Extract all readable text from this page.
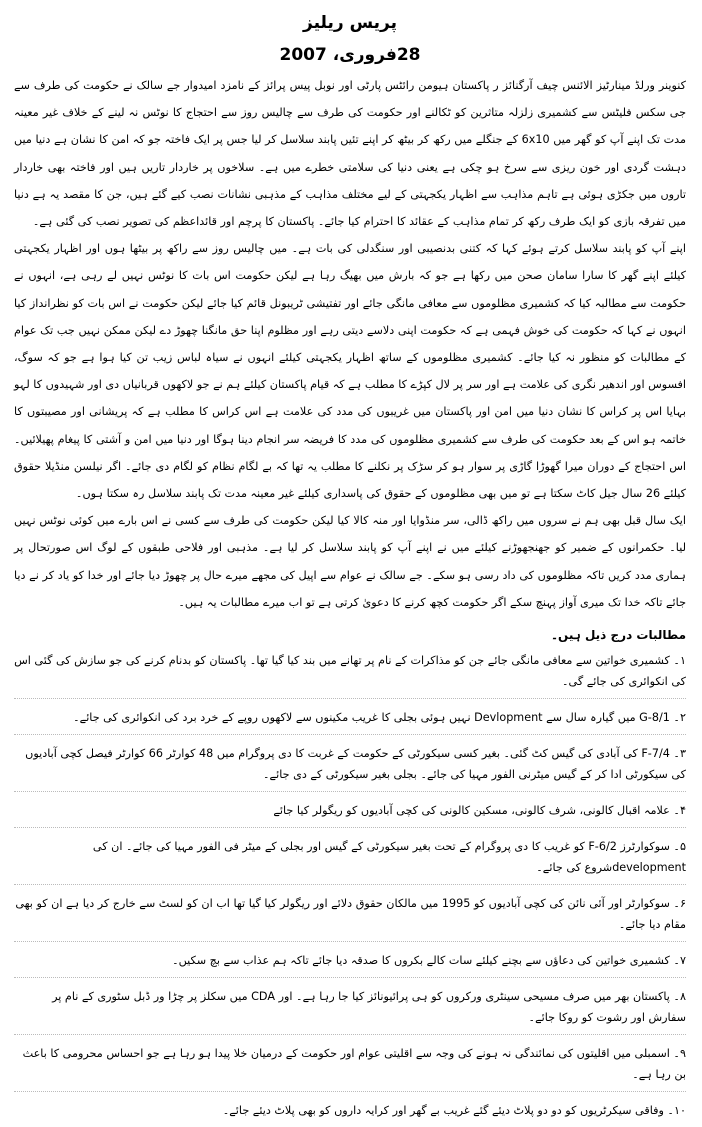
پریس ریلیز
28فروری، 2007

کنوینر ورلڈ مینارٹیز الائنس چیف آرگنائز ر پاکستان ہیومن رائٹس پارٹی اور نوبل پیس پرائز کے نامزد امیدوار جے سالک نے حکومت کی طرف سے جی سکس فلیٹس سے کشمیری زلزلہ متاثرین کو ٹکالنے اور حکومت کی طرف سے چالیس روز سے احتجاج کا نوٹس نہ لینے کے خلاف غیر معینہ مدت تک اپنے آپ کو گھر میں 6x10 کے جنگلے میں رکھ کر بیٹھ کر اپنے تئیں پابند سلاسل کر لیا جس پر ایک فاختہ جو کہ امن کا نشان ہے دنیا میں دہشت گردی اور خون ریزی سے سرخ ہو چکی ہے یعنی دنیا کی سلامتی خطرے میں ہے۔ سلاخوں پر خاردار تاریں ہیں اور فاختہ بھی خاردار تاروں میں جکڑی ہوئی ہے تاہم مذاہب سے اظہار یکجہتی کے لیے مختلف مذاہب کے مذہبی نشانات نصب کیے گئے ہیں، جن کا مقصد یہ ہے دنیا میں تفرقہ بازی کو ایک طرف رکھ کر تمام مذاہب کے عقائد کا احترام کیا جائے۔ پاکستان کا پرچم اور قائداعظم کی تصویر نصب کی گئی ہے۔

اپنے آپ کو پابند سلاسل کرتے ہوئے کہا کہ کتنی بدنصیبی اور سنگدلی کی بات ہے۔ میں چالیس روز سے راکھ پر بیٹھا ہوں اور اظہار یکجہتی کیلئے اپنے گھر کا سارا سامان صحن میں رکھا ہے جو کہ بارش میں بھیگ رہا ہے لیکن حکومت اس بات کا نوٹس نہیں لے رہی ہے، انہوں نے حکومت سے مطالبہ کیا کہ کشمیری مظلوموں سے معافی مانگی جائے اور تفتیشی ٹریبونل قائم کیا جائے لیکن حکومت نے اس بات کو نظرانداز کیا انہوں نے کہا کہ حکومت کی خوش فہمی ہے کہ حکومت اپنی دلاسے دیتی رہے اور مظلوم اپنا حق مانگنا چھوڑ دے لیکن ممکن نہیں جب تک عوام کے مطالبات کو منظور نہ کیا جائے۔ کشمیری مظلوموں کے ساتھ اظہار یکجہتی کیلئے انہوں نے سیاہ لباس زیب تن کیا ہوا ہے جو کہ سوگ، افسوس اور اندھیر نگری کی علامت ہے اور سر پر لال کپڑے کا مطلب ہے کہ قیام پاکستان کیلئے ہم نے جو لاکھوں قربانیاں دی اور شہیدوں کا لہو بہایا اس پر کراس کا نشان دنیا میں امن اور پاکستان میں غریبوں کی مدد کی علامت ہے اس کراس کا مطلب ہے کہ پریشانی اور مصیبتوں کا خاتمہ ہو اس کے بعد حکومت کی طرف سے کشمیری مظلوموں کی مدد کا فریضہ سر انجام دینا ہوگا اور دنیا میں امن و آشتی کا پیغام پھیلائیں۔ اس احتجاج کے دوران میرا گھوڑا گاڑی پر سوار ہو کر سڑک پر نکلنے کا مطلب یہ تھا کہ بے لگام نظام کو لگام دی جائے۔ اگر نیلسن منڈیلا حقوق کیلئے 26 سال جیل کاٹ سکتا ہے تو میں بھی مظلوموں کے حقوق کی پاسداری کیلئے غیر معینہ مدت تک پابند سلاسل رہ سکتا ہوں۔

ایک سال قبل بھی ہم نے سروں میں راکھ ڈالی، سر منڈوایا اور منہ کالا کیا لیکن حکومت کی طرف سے کسی نے اس بارے میں کوئی نوٹس نہیں لیا۔ حکمرانوں کے ضمیر کو جھنجھوڑنے کیلئے میں نے اپنے آپ کو پابند سلاسل کر لیا ہے۔ مذہبی اور فلاحی طبقوں کے لوگ اس صورتحال پر ہماری مدد کریں تاکہ مظلوموں کی داد رسی ہو سکے۔ جے سالک نے عوام سے اپیل کی مجھے میرے حال پر چھوڑ دیا جائے اور خدا کو یاد کر نے دیا جائے تاکہ خدا تک میری آواز پہنچ سکے اگر حکومت کچھ کرنے کا دعویٰ کرتی ہے تو اب میرے مطالبات یہ ہیں۔

مطالبات درج ذیل ہیں۔
۱۔ کشمیری خواتین سے معافی مانگی جائے جن کو مذاکرات کے نام پر تھانے میں بند کیا گیا تھا۔ پاکستان کو بدنام کرنے کی جو سازش کی گئی اس کی انکوائری کی جائے گی۔
۲۔ G-8/1 میں گیارہ سال سے Devlopment نہیں ہوئی بجلی کا غریب مکینوں سے لاکھوں روپے کے خرد برد کی انکوائری کی جائے۔
۳۔ F-7/4 کی آبادی کی گیس کٹ گئی۔ بغیر کسی سیکورٹی کے حکومت کے غربت کا دی پروگرام میں 48 کوارٹر 66 کوارٹر فیصل کچی آبادیوں کی سیکورٹی ادا کر کے گیس میٹرنی الفور مہیا کی جائے۔ بجلی بغیر سیکورٹی کے دی جائے۔
۴۔ علامہ اقبال کالونی، شرف کالونی، مسکین کالونی کی کچی آبادیوں کو ریگولر کیا جائے
۵۔ سوکوارٹرز F-6/2 کو غریب کا دی پروگرام کے تحت بغیر سیکورٹی کے گیس اور بجلی کے میٹر فی الفور مہیا کی جائے۔ ان کی developmentشروع کی جائے۔
۶۔ سوکوارٹر اور آئی نائن کی کچی آبادیوں کو 1995 میں مالکان حقوق دلائے اور ریگولر کیا گیا تھا اب ان کو لسٹ سے خارج کر دیا ہے ان کو بھی مقام دیا جائے۔
۷۔ کشمیری خواتین کی دعاؤں سے بچنے کیلئے سات کالے بکروں کا صدقہ دیا جائے تاکہ ہم عذاب سے بچ سکیں۔
۸۔ پاکستان بھر میں صرف مسیحی سینٹری ورکروں کو ہی پرائیونائز کیا جا رہا ہے۔ اور CDA میں سکلز پر چڑا ور ڈبل سٹوری کے نام پر سفارش اور رشوت کو روکا جائے۔
۹۔ اسمبلی میں اقلیتوں کی نمائندگی نہ ہونے کی وجہ سے اقلیتی عوام اور حکومت کے درمیان خلا پیدا ہو رہا ہے جو احساس محرومی کا باعث بن رہا ہے۔
۱۰۔ وفاقی سیکرٹریوں کو دو دو پلاٹ دیئے گئے غریب بے گھر اور کرایہ داروں کو بھی پلاٹ دیئے جائے۔
